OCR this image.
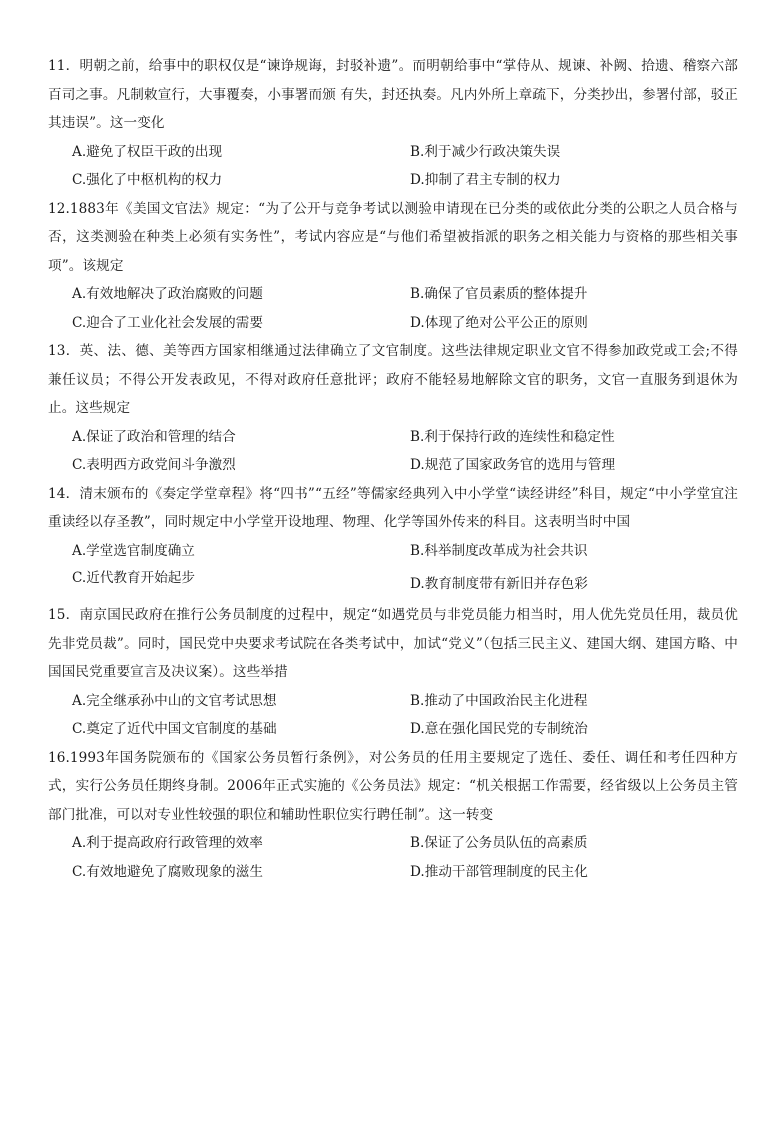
11．明朝之前，给事中的职权仅是“谏诤规诲，封驳补遗”。而明朝给事中“掌侍从、规谏、补阙、拾遗、稽察六部百司之事。凡制敕宣行，大事覆奏，小事署而颁 有失，封还执奏。凡内外所上章疏下，分类抄出，参署付部，驳正其违误”。这一变化

A.避免了权臣干政的出现	B.利于减少行政决策失误
C.强化了中枢机构的权力	D.抑制了君主专制的权力

12.1883年《美国文官法》规定：“为了公开与竞争考试以测验申请现在已分类的或依此分类的公职之人员合格与否，这类测验在种类上必须有实务性”，考试内容应是“与他们希望被指派的职务之相关能力与资格的那些相关事项”。该规定

A.有效地解决了政治腐败的问题	B.确保了官员素质的整体提升
C.迎合了工业化社会发展的需要	D.体现了绝对公平公正的原则

13．英、法、德、美等西方国家相继通过法律确立了文官制度。这些法律规定职业文官不得参加政党或工会;不得兼任议员；不得公开发表政见，不得对政府任意批评；政府不能轻易地解除文官的职务，文官一直服务到退休为止。这些规定

A.保证了政治和管理的结合	B.利于保持行政的连续性和稳定性
C.表明西方政党间斗争激烈	D.规范了国家政务官的选用与管理

14．清末颁布的《奏定学堂章程》将“四书”“五经”等儒家经典列入中小学堂“读经讲经”科目，规定“中小学堂宜注重读经以存圣教”，同时规定中小学堂开设地理、物理、化学等国外传来的科目。这表明当时中国

A.学堂选官制度确立	B.科举制度改革成为社会共识
C.近代教育开始起步	D.教育制度带有新旧并存色彩

15．南京国民政府在推行公务员制度的过程中，规定“如遇党员与非党员能力相当时，用人优先党员任用，裁员优先非党员裁”。同时，国民党中央要求考试院在各类考试中，加试“党义”（包括三民主义、建国大纲、建国方略、中国国民党重要宣言及决议案）。这些举措

A.完全继承孙中山的文官考试思想	B.推动了中国政治民主化进程
C.奠定了近代中国文官制度的基础	D.意在强化国民党的专制统治

16.1993年国务院颁布的《国家公务员暂行条例》，对公务员的任用主要规定了选任、委任、调任和考任四种方式，实行公务员任期终身制。2006年正式实施的《公务员法》规定：“机关根据工作需要，经省级以上公务员主管部门批准，可以对专业性较强的职位和辅助性职位实行聘任制”。这一转变

A.利于提高政府行政管理的效率	B.保证了公务员队伍的高素质
C.有效地避免了腐败现象的滋生	D.推动干部管理制度的民主化
